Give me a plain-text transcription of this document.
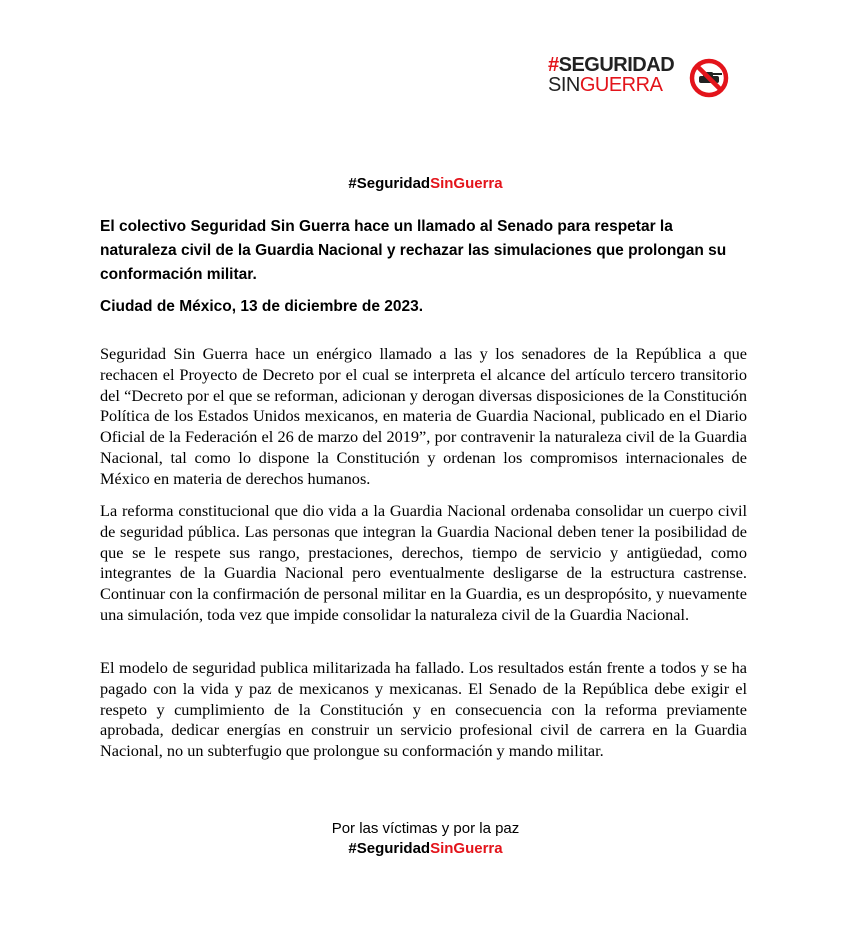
#SEGURIDAD
SINGUERRA
#SeguridadSinGuerra
El colectivo Seguridad Sin Guerra hace un llamado al Senado para respetar la naturaleza civil de la Guardia Nacional y rechazar las simulaciones que prolongan su conformación militar.
Ciudad de México, 13 de diciembre de 2023.

Seguridad Sin Guerra hace un enérgico llamado a las y los senadores de la República a que rechacen el Proyecto de Decreto por el cual se interpreta el alcance del artículo tercero transitorio del “Decreto por el que se reforman, adicionan y derogan diversas disposiciones de la Constitución Política de los Estados Unidos mexicanos, en materia de Guardia Nacional, publicado en el Diario Oficial de la Federación el 26 de marzo del 2019”, por contravenir la naturaleza civil de la Guardia Nacional, tal como lo dispone la Constitución y ordenan los compromisos internacionales de México en materia de derechos humanos.

La reforma constitucional que dio vida a la Guardia Nacional ordenaba consolidar un cuerpo civil de seguridad pública. Las personas que integran la Guardia Nacional deben tener la posibilidad de que se le respete sus rango, prestaciones, derechos, tiempo de servicio y antigüedad, como integrantes de la Guardia Nacional pero eventualmente desligarse de la estructura castrense. Continuar con la confirmación de personal militar en la Guardia, es un despropósito, y nuevamente una simulación, toda vez que impide consolidar la naturaleza civil de la Guardia Nacional.

El modelo de seguridad publica militarizada ha fallado. Los resultados están frente a todos y se ha pagado con la vida y paz de mexicanos y mexicanas. El Senado de la República debe exigir el respeto y cumplimiento de la Constitución y en consecuencia con la reforma previamente aprobada, dedicar energías en construir un servicio profesional civil de carrera en la Guardia Nacional, no un subterfugio que prolongue su conformación y mando militar.

Por las víctimas y por la paz
#SeguridadSinGuerra
